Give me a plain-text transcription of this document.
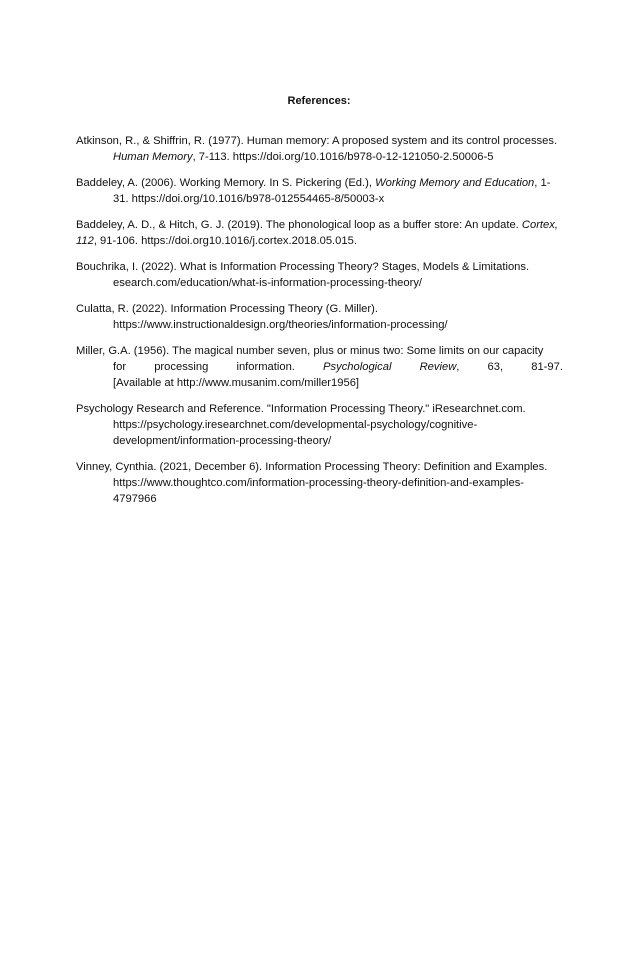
References:
Atkinson, R., & Shiffrin, R. (1977). Human memory: A proposed system and its control processes. Human Memory, 7-113. https://doi.org/10.1016/b978-0-12-121050-2.50006-5
Baddeley, A. (2006). Working Memory. In S. Pickering (Ed.), Working Memory and Education, 1-31. https://doi.org/10.1016/b978-012554465-8/50003-x
Baddeley, A. D., & Hitch, G. J. (2019). The phonological loop as a buffer store: An update. Cortex, 112, 91-106. https://doi.org10.1016/j.cortex.2018.05.015.
Bouchrika, I. (2022). What is Information Processing Theory? Stages, Models & Limitations. esearch.com/education/what-is-information-processing-theory/
Culatta, R. (2022). Information Processing Theory (G. Miller). https://www.instructionaldesign.org/theories/information-processing/
Miller, G.A. (1956). The magical number seven, plus or minus two: Some limits on our capacity
for	processing	information.	Psychological	Review,	63,	81-97.
[Available at http://www.musanim.com/miller1956]
Psychology Research and Reference. "Information Processing Theory." iResearchnet.com. https://psychology.iresearchnet.com/developmental-psychology/cognitive-development/information-processing-theory/
Vinney, Cynthia. (2021, December 6). Information Processing Theory: Definition and Examples. https://www.thoughtco.com/information-processing-theory-definition-and-examples-4797966
